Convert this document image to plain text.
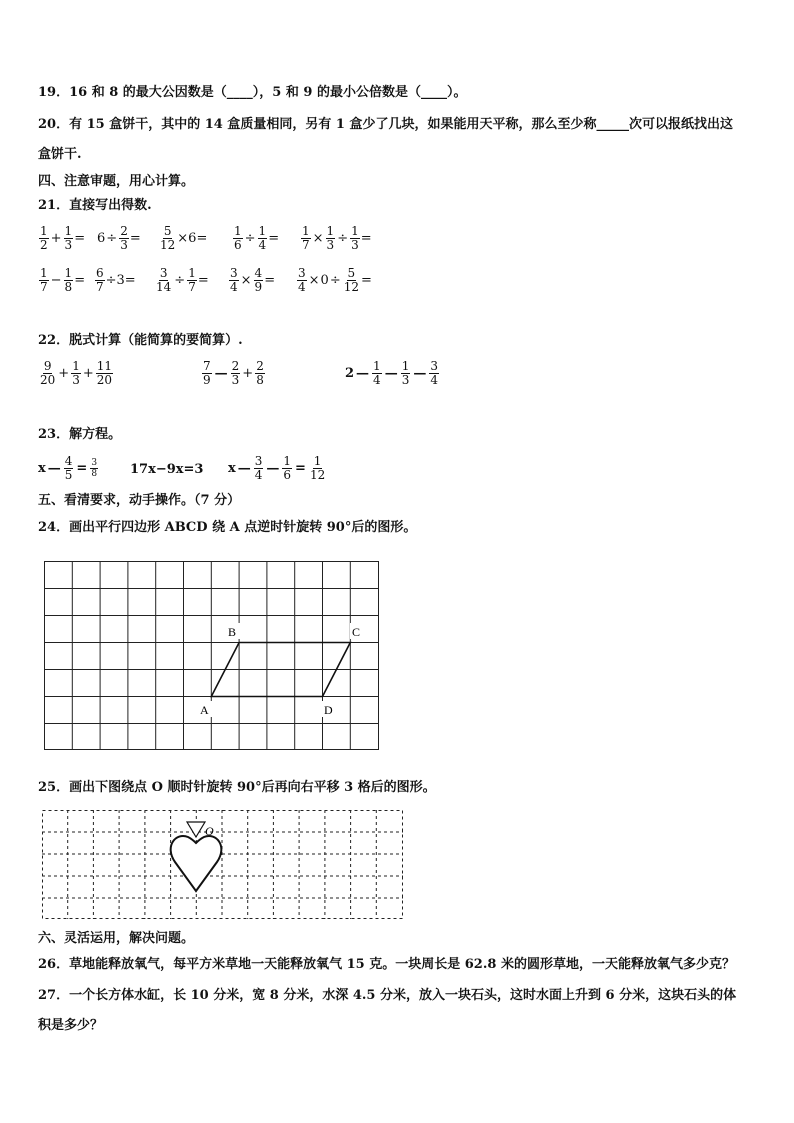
19．16 和 8 的最大公因数是（____），5 和 9 的最小公倍数是（____）。
20．有 15 盒饼干，其中的 14 盒质量相同，另有 1 盒少了几块，如果能用天平称，那么至少称_____次可以报纸找出这
盒饼干.
四、注意审题，用心计算。
21．直接写出得数.
$\frac{1}{2} + \frac{1}{3} = 6 \div \frac{2}{3} = \frac{5}{12} \times 6= \frac{1}{6} \div \frac{1}{4} = \frac{1}{7} \times \frac{1}{3} \div \frac{1}{3}$ =
$\frac{1}{7} - \frac{1}{8} = \frac{6}{7} \div 3= \frac{3}{14} \div \frac{1}{7} = \frac{3}{4} \times \frac{4}{9} = \frac{3}{4} \times 0 \div \frac{5}{12}$ =
22．脱式计算（能简算的要简算）.
$\frac{9}{20} + \frac{1}{3} + \frac{11}{20}$	$\frac{7}{9}$ — $\frac{2}{3} + \frac{2}{8}$	2 — $\frac{1}{4}$ — $\frac{1}{3}$ — $\frac{3}{4}$
23．解方程。
x — $\frac{4}{5} = \frac{3}{8} 17x-9x=3$ x — $\frac{3}{4}$ — $\frac{1}{6} = \frac{1}{12}$
五、看清要求，动手操作。（7 分）
24．画出平行四边形 ABCD 绕 A 点逆时针旋转 90°后的图形。
A
B	C
D
25．画出下图绕点 O 顺时针旋转 90°后再向右平移 3 格后的图形。
O
六、灵活运用，解决问题。
26．草地能释放氧气，每平方米草地一天能释放氧气 15 克。一块周长是 62.8 米的圆形草地，一天能释放氧气多少克？
27．一个长方体水缸，长 10 分米，宽 8 分米，水深 4.5 分米，放入一块石头，这时水面上升到 6 分米，这块石头的体
积是多少？
